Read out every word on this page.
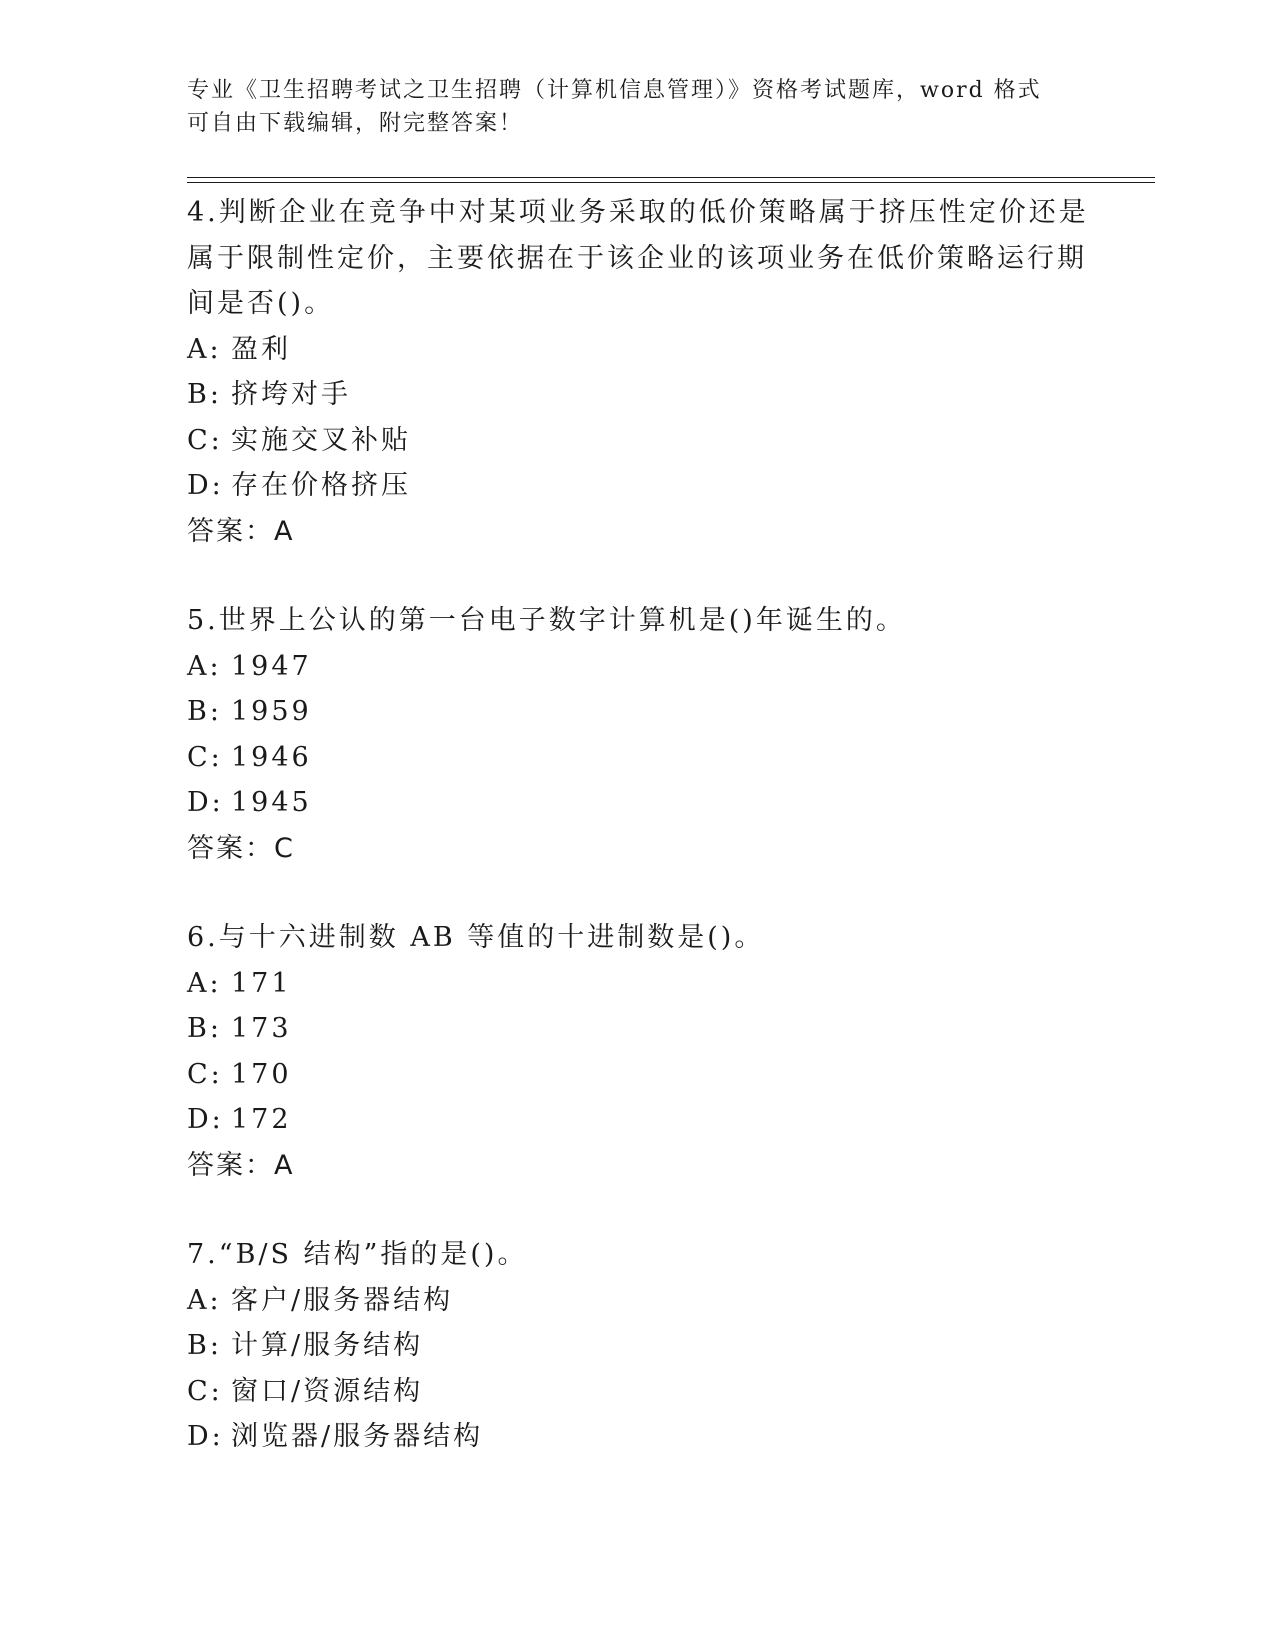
专业《卫生招聘考试之卫生招聘（计算机信息管理）》资格考试题库，word 格式
可自由下载编辑，附完整答案！
4.判断企业在竞争中对某项业务采取的低价策略属于挤压性定价还是
属于限制性定价，主要依据在于该企业的该项业务在低价策略运行期
间是否()。
A: 盈利
B: 挤垮对手
C: 实施交叉补贴
D: 存在价格挤压
答案：A
5.世界上公认的第一台电子数字计算机是()年诞生的。
A: 1947
B: 1959
C: 1946
D: 1945
答案：C
6.与十六进制数 AB 等值的十进制数是()。
A: 171
B: 173
C: 170
D: 172
答案：A
7.“B/S 结构”指的是()。
A: 客户/服务器结构
B: 计算/服务结构
C: 窗口/资源结构
D: 浏览器/服务器结构
